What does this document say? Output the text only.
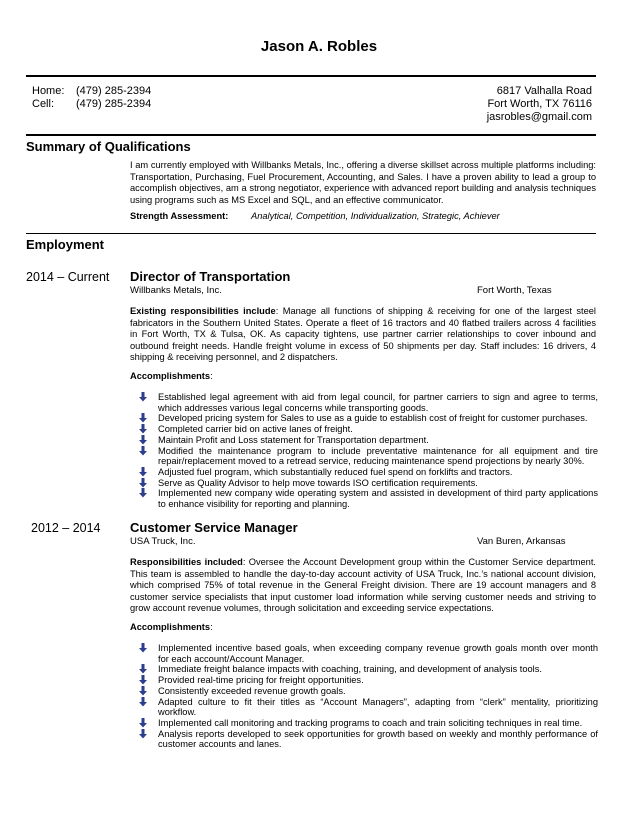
Jason A. Robles
Home: (479) 285-2394
Cell: (479) 285-2394
6817 Valhalla Road
Fort Worth, TX 76116
jasrobles@gmail.com
Summary of Qualifications
I am currently employed with Willbanks Metals, Inc., offering a diverse skillset across multiple platforms including: Transportation, Purchasing, Fuel Procurement, Accounting, and Sales. I have a proven ability to lead a group to accomplish objectives, am a strong negotiator, experience with advanced report building and analysis techniques using programs such as MS Excel and SQL, and an effective communicator.
Strength Assessment: Analytical, Competition, Individualization, Strategic, Achiever
Employment
2014 – Current Director of Transportation
Willbanks Metals, Inc.	Fort Worth, Texas
Existing responsibilities include: Manage all functions of shipping & receiving for one of the largest steel fabricators in the Southern United States. Operate a fleet of 16 tractors and 40 flatbed trailers across 4 facilities in Fort Worth, TX & Tulsa, OK. As capacity tightens, use partner carrier relationships to cover inbound and outbound freight needs. Handle freight volume in excess of 50 shipments per day. Staff includes: 16 drivers, 4 shipping & receiving personnel, and 2 dispatchers.
Accomplishments:
Established legal agreement with aid from legal council, for partner carriers to sign and agree to terms, which addresses various legal concerns while transporting goods.
Developed pricing system for Sales to use as a guide to establish cost of freight for customer purchases.
Completed carrier bid on active lanes of freight.
Maintain Profit and Loss statement for Transportation department.
Modified the maintenance program to include preventative maintenance for all equipment and tire repair/replacement moved to a retread service, reducing maintenance spend projections by nearly 30%.
Adjusted fuel program, which substantially reduced fuel spend on forklifts and tractors.
Serve as Quality Advisor to help move towards ISO certification requirements.
Implemented new company wide operating system and assisted in development of third party applications to enhance visibility for reporting and planning.
2012 – 2014 Customer Service Manager
USA Truck, Inc.	Van Buren, Arkansas
Responsibilities included: Oversee the Account Development group within the Customer Service department. This team is assembled to handle the day-to-day account activity of USA Truck, Inc.’s national account division, which comprised 75% of total revenue in the General Freight division. There are 19 account managers and 8 customer service specialists that input customer load information while serving customer needs and striving to grow account revenue volumes, through solicitation and exceeding service expectations.
Accomplishments:
Implemented incentive based goals, when exceeding company revenue growth goals month over month for each account/Account Manager.
Immediate freight balance impacts with coaching, training, and development of analysis tools.
Provided real-time pricing for freight opportunities.
Consistently exceeded revenue growth goals.
Adapted culture to fit their titles as “Account Managers”, adapting from “clerk” mentality, prioritizing workflow.
Implemented call monitoring and tracking programs to coach and train soliciting techniques in real time.
Analysis reports developed to seek opportunities for growth based on weekly and monthly performance of customer accounts and lanes.
